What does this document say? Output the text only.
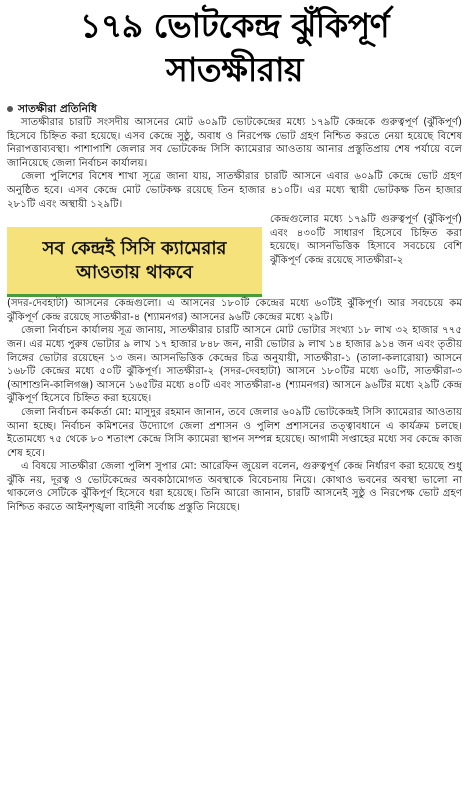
১৭৯ ভোটকেন্দ্র ঝুঁকিপূর্ণ
সাতক্ষীরায়
সাতক্ষীরা প্রতিনিধি

সাতক্ষীরার চারটি সংসদীয় আসনের মোট ৬০৯টি ভোটকেন্দ্রের মধ্যে ১৭৯টি কেন্দ্রকে গুরুত্বপূর্ণ (ঝুঁকিপূর্ণ) হিসেবে চিহ্নিত করা হয়েছে। এসব কেন্দ্রে সুষ্ঠু, অবাধ ও নিরপেক্ষ ভোট গ্রহণ নিশ্চিত করতে নেয়া হয়েছে বিশেষ নিরাপত্তাব্যবস্থা। পাশাপাশি জেলার সব ভোটকেন্দ্র সিসি ক্যামেরার আওতায় আনার প্রস্তুতিপ্রায় শেষ পর্যায়ে বলে জানিয়েছে জেলা নির্বাচন কার্যালয়।

জেলা পুলিশের বিশেষ শাখা সূত্রে জানা যায়, সাতক্ষীরার চারটি আসনে এবার ৬০৯টি কেন্দ্রে ভোট গ্রহণ অনুষ্ঠিত হবে। এসব কেন্দ্রে মোট ভোটকক্ষ রয়েছে তিন হাজার ৪১০টি। এর মধ্যে স্থায়ী ভোটকক্ষ তিন হাজার ২৮১টি এবং অস্থায়ী ১২৯টি।

সব কেন্দ্রই সিসি ক্যামেরার
আওতায় থাকবে
কেন্দ্রগুলোর মধ্যে ১৭৯টি গুরুত্বপূর্ণ (ঝুঁকিপূর্ণ) এবং ৪৩০টি সাধারণ হিসেবে চিহ্নিত করা হয়েছে। আসনভিত্তিক হিসাবে সবচেয়ে বেশি ঝুঁকিপূর্ণ কেন্দ্র রয়েছে সাতক্ষীরা-২

(সদর-দেবহাটা) আসনের কেন্দ্রগুলো। এ আসনের ১৮০টি কেন্দ্রের মধ্যে ৬০টিই ঝুঁকিপূর্ণ। আর সবচেয়ে কম ঝুঁকিপূর্ণ কেন্দ্র রয়েছে সাতক্ষীরা-৪ (শ্যামনগর) আসনের ৯৬টি কেন্দ্রের মধ্যে ২৯টি।

জেলা নির্বাচন কার্যালয় সূত্র জানায়, সাতক্ষীরার চারটি আসনে মোট ভোটার সংখ্যা ১৮ লাখ ৩২ হাজার ৭৭৫ জন। এর মধ্যে পুরুষ ভোটার ৯ লাখ ১৭ হাজার ৮৪৮ জন, নারী ভোটার ৯ লাখ ১৪ হাজার ৯১৪ জন এবং তৃতীয় লিঙ্গের ভোটার রয়েছেন ১৩ জন। আসনভিত্তিক কেন্দ্রের চিত্র অনুযায়ী, সাতক্ষীরা-১ (তালা-কলারোয়া) আসনে ১৬৮টি কেন্দ্রের মধ্যে ৫০টি ঝুঁকিপূর্ণ। সাতক্ষীরা-২ (সদর-দেবহাটা) আসনে ১৮০টির মধ্যে ৬০টি, সাতক্ষীরা-৩ (আশাশুনি-কালিগঞ্জ) আসনে ১৬৫টির মধ্যে ৪০টি এবং সাতক্ষীরা-৪ (শ্যামনগর) আসনে ৯৬টির মধ্যে ২৯টি কেন্দ্র ঝুঁকিপূর্ণ হিসেবে চিহ্নিত করা হয়েছে।

জেলা নির্বাচন কর্মকর্তা মো: মাসুদুর রহমান জানান, তবে জেলার ৬০৯টি ভোটকেন্দ্রই সিসি ক্যামেরার আওতায় আনা হচ্ছে। নির্বাচন কমিশনের উদ্যোগে জেলা প্রশাসন ও পুলিশ প্রশাসনের তত্ত্বাবধানে এ কার্যক্রম চলছে। ইতোমধ্যে ৭৫ থেকে ৮০ শতাংশ কেন্দ্রে সিসি ক্যামেরা স্থাপন সম্পন্ন হয়েছে। আগামী সপ্তাহের মধ্যে সব কেন্দ্রে কাজ শেষ হবে।

এ বিষয়ে সাতক্ষীরা জেলা পুলিশ সুপার মো: আরেফিন জুয়েল বলেন, গুরুত্বপূর্ণ কেন্দ্র নির্ধারণ করা হয়েছে শুধু ঝুঁকি নয়, দূরত্ব ও ভোটকেন্দ্রের অবকাঠামোগত অবস্থাকে বিবেচনায় নিয়ে। কোথাও ভবনের অবস্থা ভালো না থাকলেও সেটিকে ঝুঁকিপূর্ণ হিসেবে ধরা হয়েছে। তিনি আরো জানান, চারটি আসনেই সুষ্ঠু ও নিরপেক্ষ ভোট গ্রহণ নিশ্চিত করতে আইনশৃঙ্খলা বাহিনী সর্বোচ্চ প্রস্তুতি নিয়েছে।
